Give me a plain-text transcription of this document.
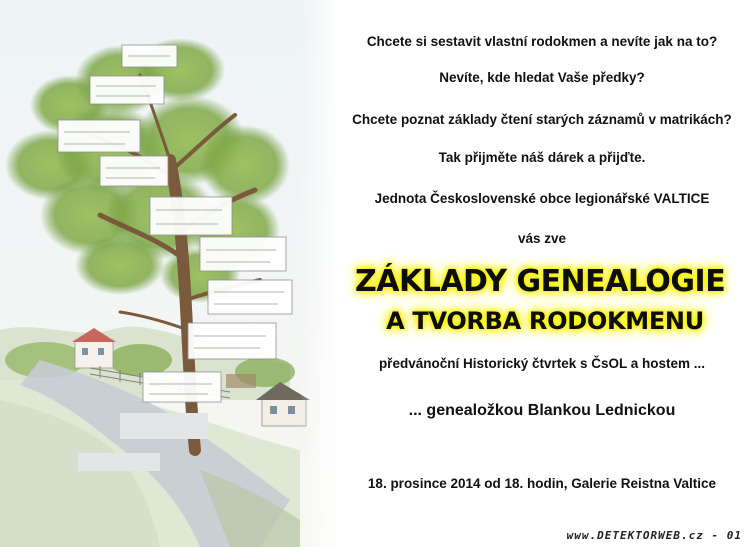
Chcete si sestavit vlastní rodokmen a nevíte jak na to?
Nevíte, kde hledat Vaše předky?
Chcete poznat základy čtení starých záznamů v matrikách?
Tak přijměte náš dárek a přijďte.
Jednota Československé obce legionářské VALTICE
vás zve
ZÁKLADY GENEALOGIE
A TVORBA RODOKMENU
předvánoční Historický čtvrtek s ČsOL a hostem ...
... genealožkou Blankou Lednickou
18. prosince 2014 od 18. hodin, Galerie Reistna Valtice
www.DETEKTORWEB.cz - 01
